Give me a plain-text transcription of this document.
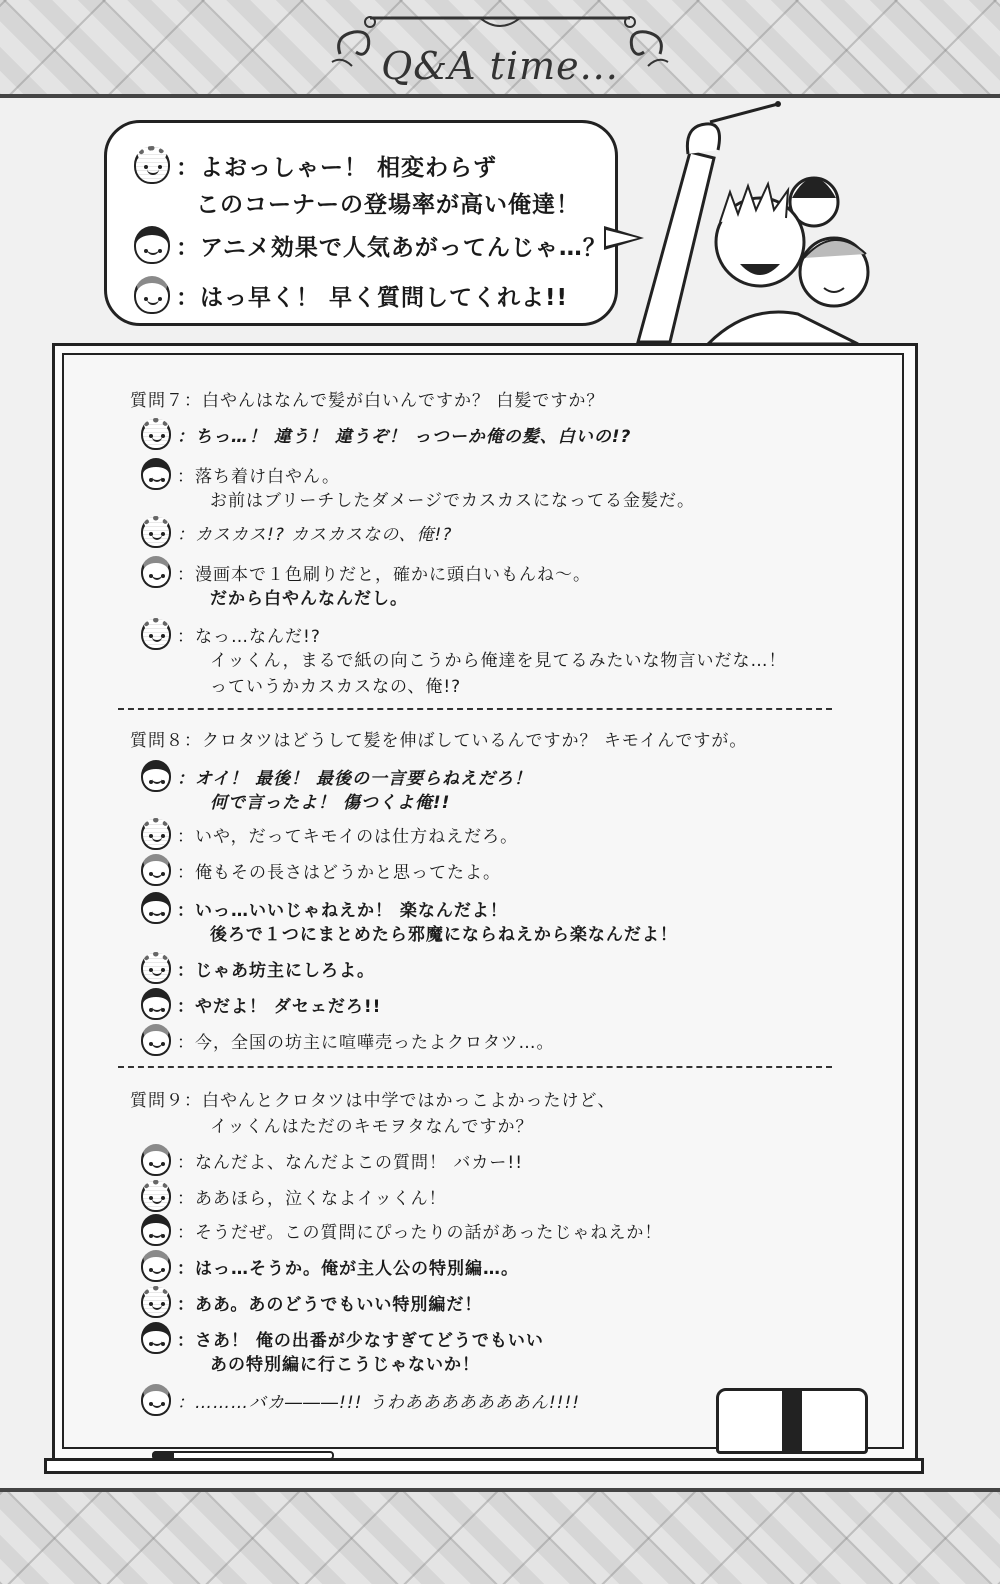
Q&A time...
：よおっしゃー！ 相変わらず
このコーナーの登場率が高い俺達！
：アニメ効果で人気あがってんじゃ…？
：はっ早く！ 早く質問してくれよ!!
質問７：白やんはなんで髪が白いんですか？ 白髪ですか？
：ちっ…！ 違う！ 違うぞ！ っつーか俺の髪、白いの!?
：落ち着け白やん。
お前はブリーチしたダメージでカスカスになってる金髪だ。
：カスカス!? カスカスなの、俺!?
：漫画本で１色刷りだと，確かに頭白いもんね～。
だから白やんなんだし。
：なっ…なんだ!?
イッくん，まるで紙の向こうから俺達を見てるみたいな物言いだな…！
っていうかカスカスなの、俺!?
質問８：クロタツはどうして髪を伸ばしているんですか？ キモイんですが。
：オイ！ 最後！ 最後の一言要らねえだろ！
何で言ったよ！ 傷つくよ俺!!
：いや，だってキモイのは仕方ねえだろ。
：俺もその長さはどうかと思ってたよ。
：いっ…いいじゃねえか！ 楽なんだよ！
後ろで１つにまとめたら邪魔にならねえから楽なんだよ！
：じゃあ坊主にしろよ。
：やだよ！ ダセェだろ!!
：今，全国の坊主に喧嘩売ったよクロタツ…。
質問９：白やんとクロタツは中学ではかっこよかったけど、
イッくんはただのキモヲタなんですか？
：なんだよ、なんだよこの質問！ バカー!!
：ああほら，泣くなよイッくん！
：そうだぜ。この質問にぴったりの話があったじゃねえか！
：はっ…そうか。俺が主人公の特別編…。
：ああ。あのどうでもいい特別編だ！
：さあ！ 俺の出番が少なすぎてどうでもいい
あの特別編に行こうじゃないか！
：………バカ―――!!! うわあああああああん!!!!
